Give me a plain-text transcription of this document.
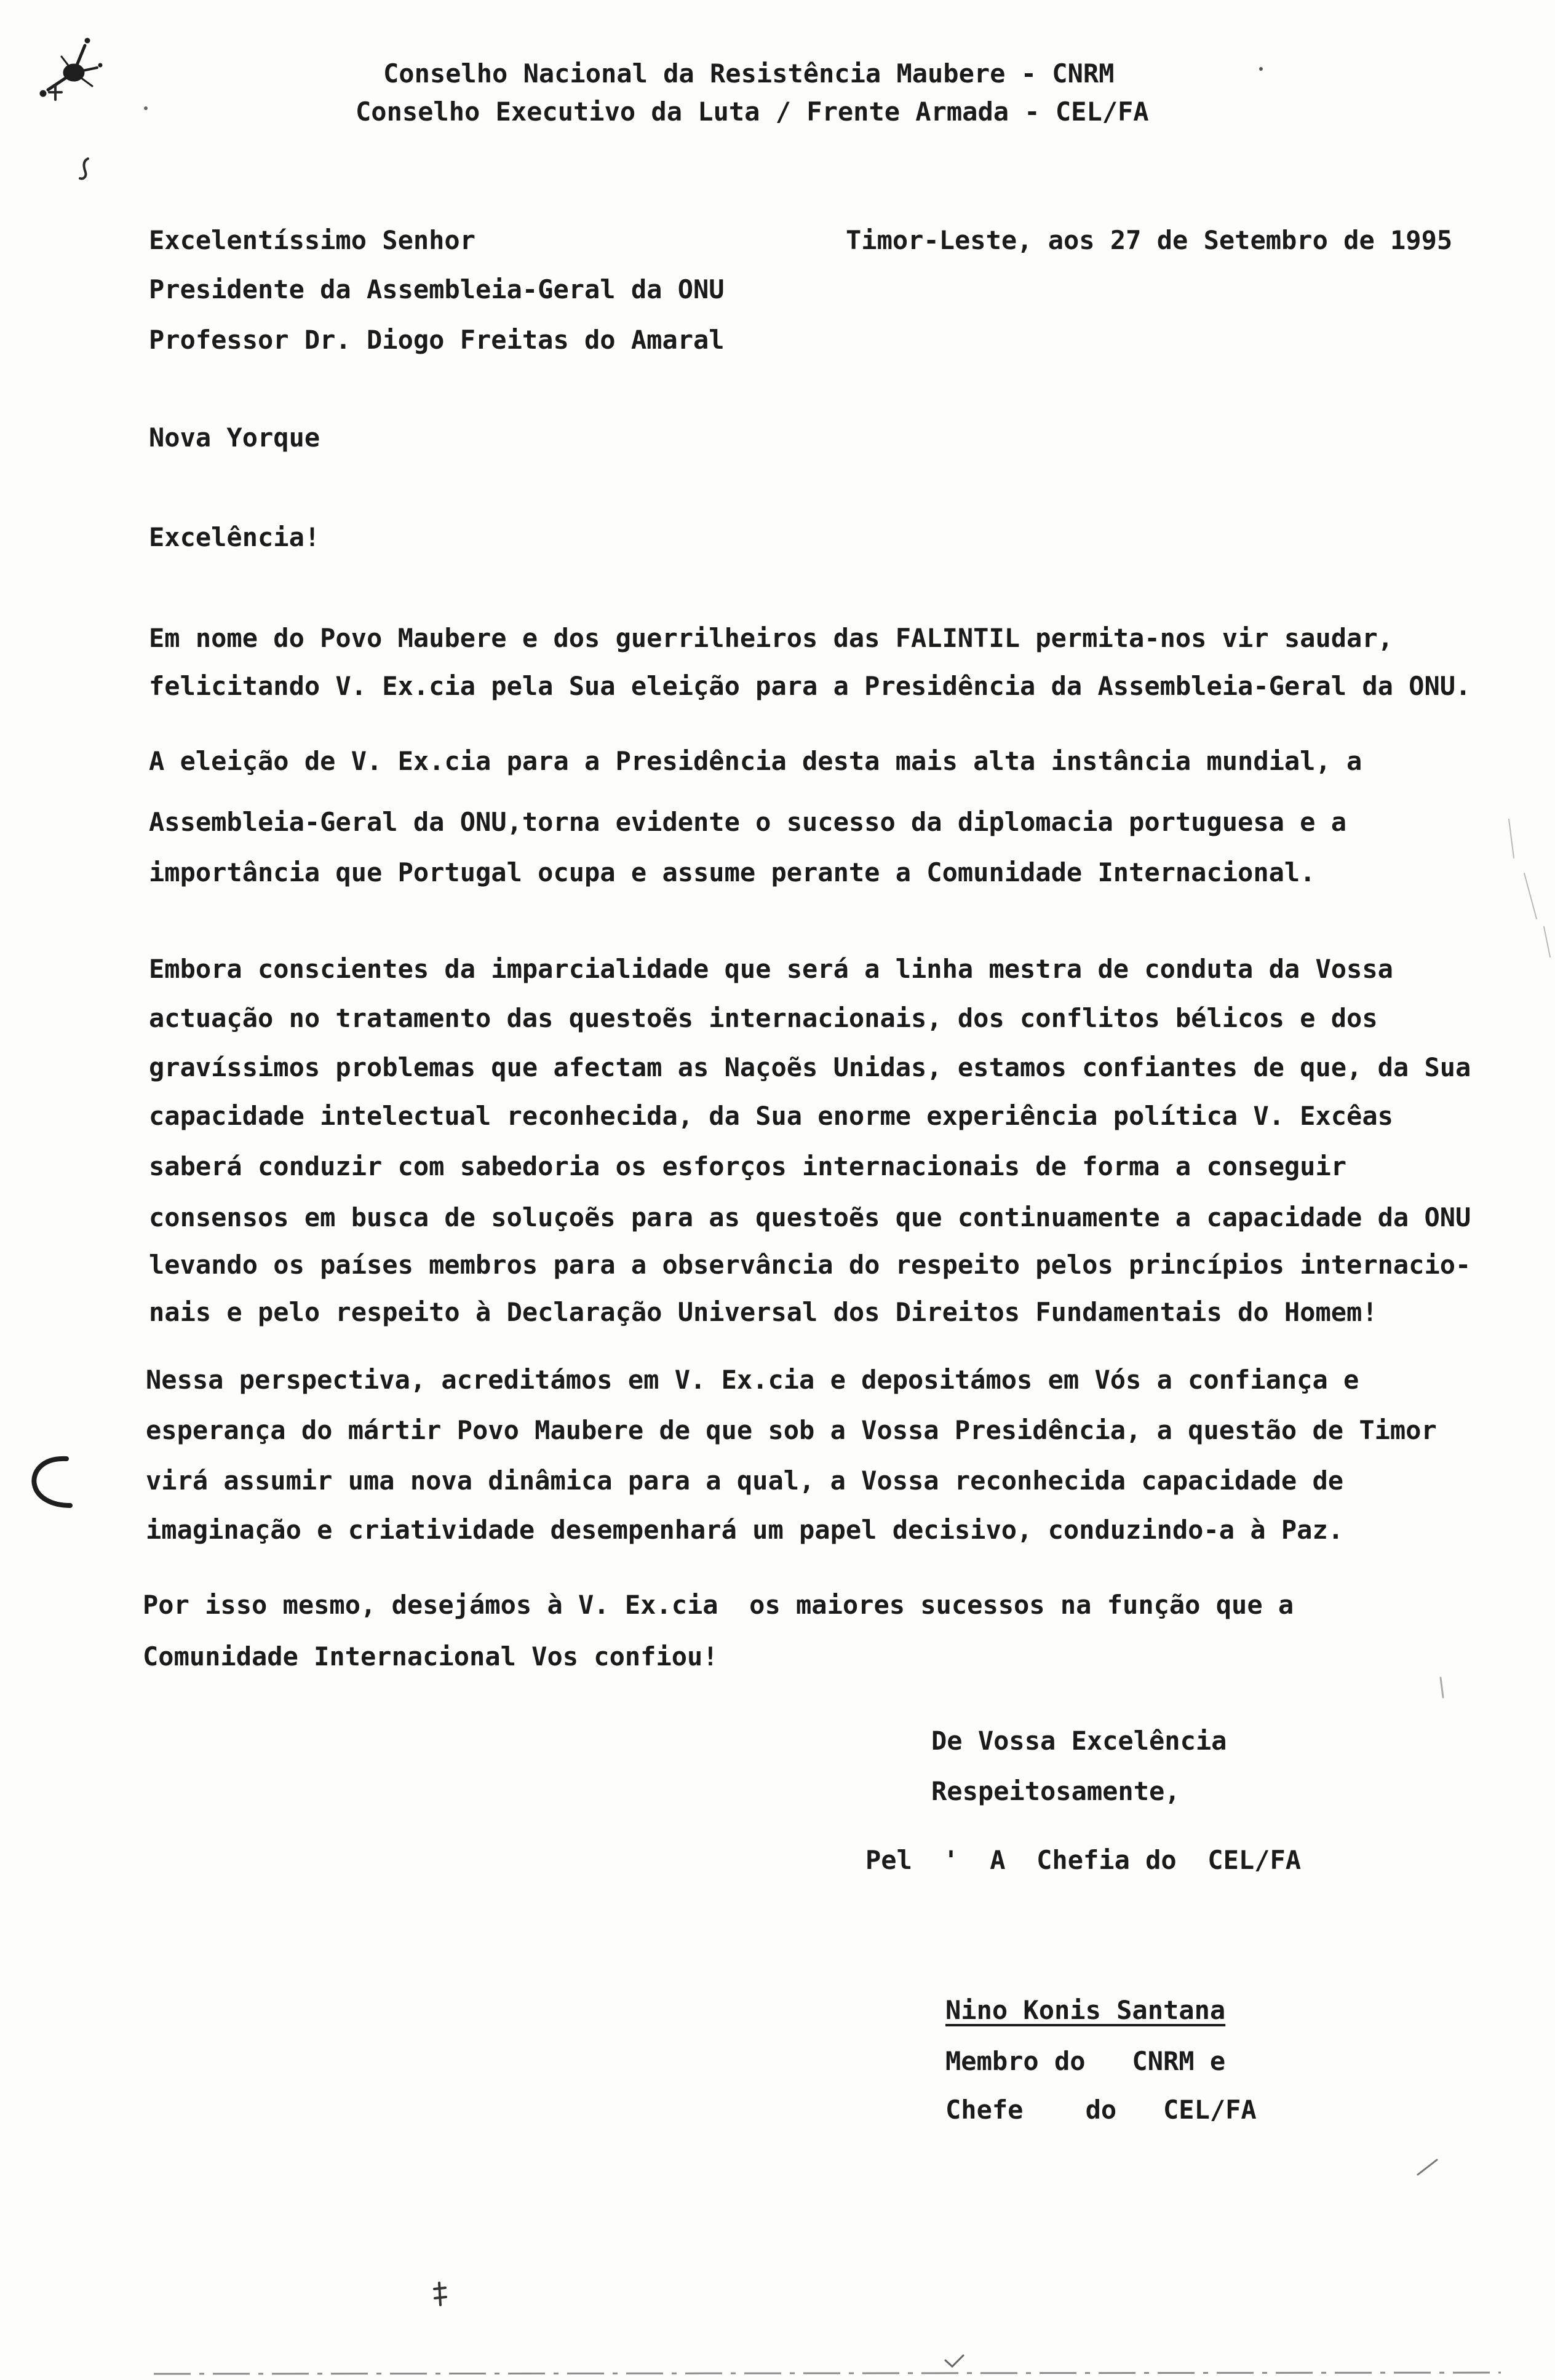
Conselho Nacional da Resistência Maubere - CNRM
Conselho Executivo da Luta / Frente Armada - CEL/FA
Excelentíssimo Senhor
Presidente da Assembleia-Geral da ONU
Professor Dr. Diogo Freitas do Amaral
Nova Yorque
Timor-Leste, aos 27 de Setembro de 1995
Excelência!
Em nome do Povo Maubere e dos guerrilheiros das FALINTIL permita-nos vir saudar,
felicitando V. Ex.cia pela Sua eleição para a Presidência da Assembleia-Geral da ONU.
A eleição de V. Ex.cia para a Presidência desta mais alta instância mundial, a
Assembleia-Geral da ONU,torna evidente o sucesso da diplomacia portuguesa e a
importância que Portugal ocupa e assume perante a Comunidade Internacional.
Embora conscientes da imparcialidade que será a linha mestra de conduta da Vossa
actuação no tratamento das questoẽs internacionais, dos conflitos bélicos e dos
gravíssimos problemas que afectam as Naçoẽs Unidas, estamos confiantes de que, da Sua
capacidade intelectual reconhecida, da Sua enorme experiência política V. Excêas
saberá conduzir com sabedoria os esforços internacionais de forma a conseguir
consensos em busca de soluçoẽs para as questoẽs que continuamente a capacidade da ONU
levando os países membros para a observância do respeito pelos princípios internacio-
nais e pelo respeito à Declaração Universal dos Direitos Fundamentais do Homem!
Nessa perspectiva, acreditámos em V. Ex.cia e depositámos em Vós a confiança e
esperança do mártir Povo Maubere de que sob a Vossa Presidência, a questão de Timor
virá assumir uma nova dinâmica para a qual, a Vossa reconhecida capacidade de
imaginação e criatividade desempenhará um papel decisivo, conduzindo-a à Paz.
Por isso mesmo, desejámos à V. Ex.cia  os maiores sucessos na função que a
Comunidade Internacional Vos confiou!
De Vossa Excelência
Respeitosamente,
Pel  '  A  Chefia do  CEL/FA
Nino Konis Santana
Membro do   CNRM e
Chefe    do   CEL/FA
